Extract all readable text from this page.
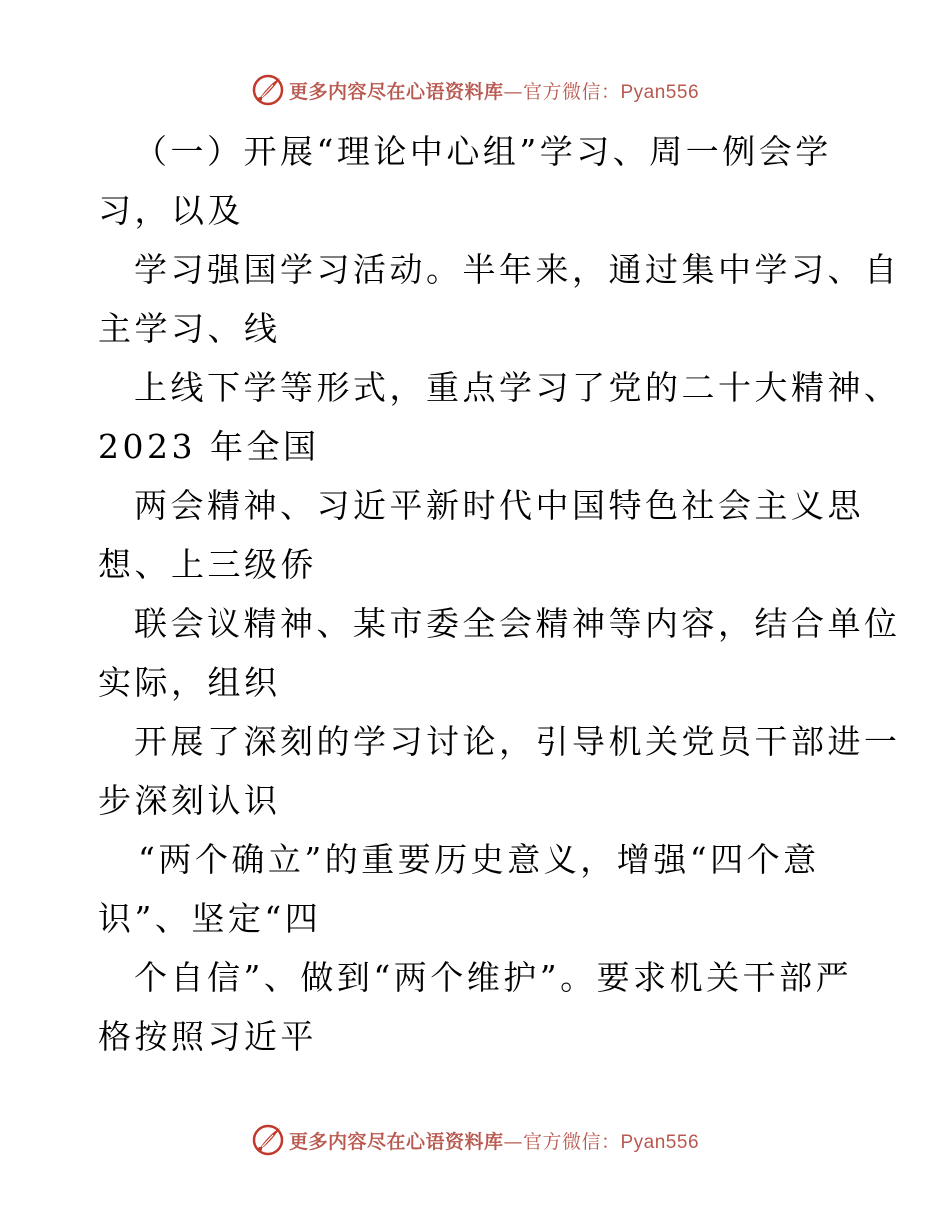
更多内容尽在心语资料库—官方微信：Pyan556
（一）开展“理论中心组”学习、周一例会学
习，以及
学习强国学习活动。半年来，通过集中学习、自
主学习、线
上线下学等形式，重点学习了党的二十大精神、
2023 年全国
两会精神、习近平新时代中国特色社会主义思
想、上三级侨
联会议精神、某市委全会精神等内容，结合单位
实际，组织
开展了深刻的学习讨论，引导机关党员干部进一
步深刻认识
“两个确立”的重要历史意义，增强“四个意
识”、坚定“四
个自信”、做到“两个维护”。要求机关干部严
格按照习近平
更多内容尽在心语资料库—官方微信：Pyan556
